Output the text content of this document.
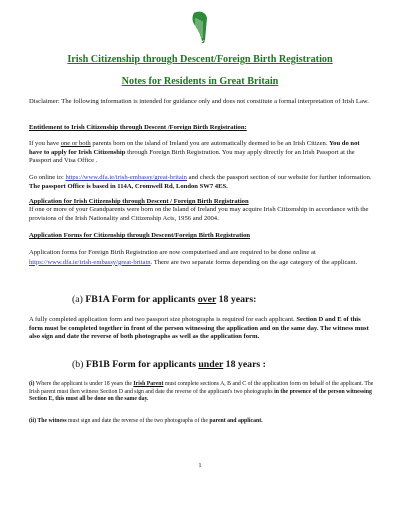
Irish Citizenship through Descent/Foreign Birth Registration
Notes for Residents in Great Britain
Disclaimer: The following information is intended for guidance only and does not constitute a formal interpretation of Irish Law.
Entitlement to Irish Citizenship through Descent /Foreign Birth Registration:
If you have one or both parents born on the island of Ireland you are automatically deemed to be an Irish Citizen. You do not have to apply for Irish Citizenship through Foreign Birth Registration. You may apply directly for an Irish Passport at the Passport and Visa Office .
Go online to: https://www.dfa.ie/irish-embassy/great-britain and check the passport section of our website for further information. The passport Office is based in 114A, Cromwell Rd, London SW7 4ES.
Application for Irish Citizenship through Descent / Foreign Birth Registration
If one or more of your Grandparents were born on the Island of Ireland you may acquire Irish Citizenship in accordance with the provisions of the Irish Nationality and Citizenship Acts, 1956 and 2004.
Application Forms for Citizenship through Descent/Foreign Birth Registration
Application forms for Foreign Birth Registration are now computerised and are required to be done online at https://www.dfa.ie/irish-embassy/great-britain. There are two separate forms depending on the age category of the applicant.
(a) FB1A Form for applicants over 18 years:
A fully completed application form and two passport size photographs is required for each applicant. Section D and E of this form must be completed together in front of the person witnessing the application and on the same day. The witness must also sign and date the reverse of both photographs as well as the application form.
(b) FB1B Form for applicants under 18 years :
(i) Where the applicant is under 18 years the Irish Parent must complete sections A, B and C of the application form on behalf of the applicant. The Irish parent must then witness Section D and sign and date the reverse of the applicant's two photographs in the presence of the person witnessing Section E, this must all be done on the same day.
(ii) The witness must sign and date the reverse of the two photographs of the parent and applicant.
1
